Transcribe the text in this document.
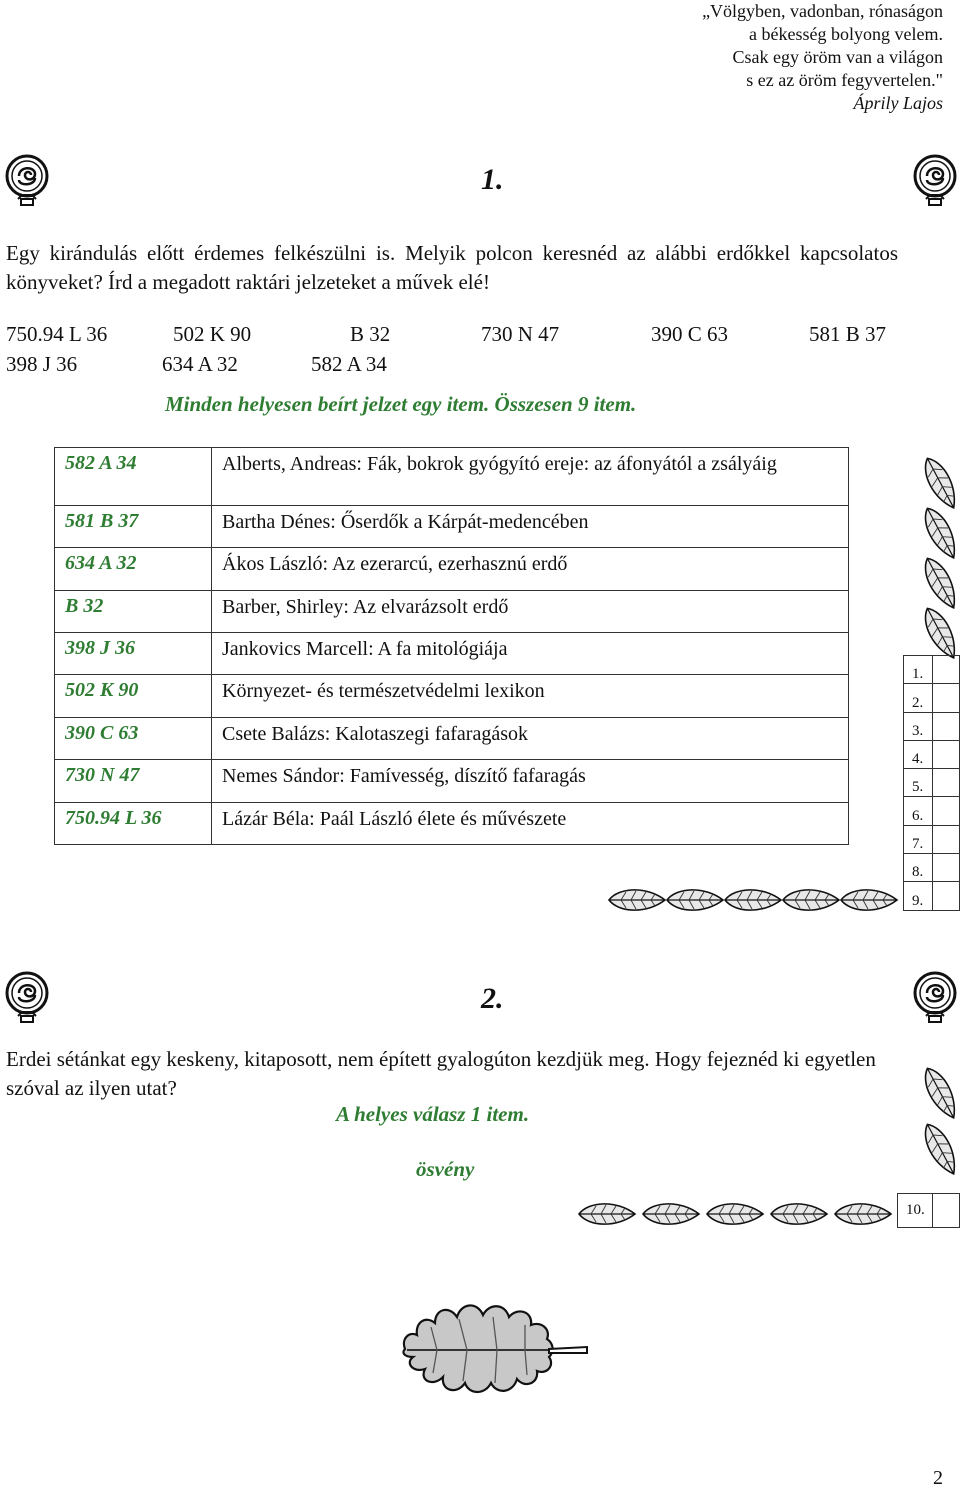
„Völgyben, vadonban, rónaságon
a békesség bolyong velem.
Csak egy öröm van a világon
s ez az öröm fegyvertelen."
Áprily Lajos
1.
Egy kirándulás előtt érdemes felkészülni is. Melyik polcon keresnéd az alábbi erdőkkel kapcsolatos könyveket? Írd a megadott raktári jelzeteket a művek elé!
750.94 L 36	502 K 90	B 32	730 N 47	390 C 63	581 B 37
398 J 36	634 A 32	582 A 34
Minden helyesen beírt jelzet egy item. Összesen 9 item.
582 A 34	Alberts, Andreas: Fák, bokrok gyógyító ereje: az áfonyától a zsályáig
581 B 37	Bartha Dénes: Őserdők a Kárpát-medencében
634 A 32	Ákos László: Az ezerarcú, ezerhasznú erdő
B 32	Barber, Shirley: Az elvarázsolt erdő
398 J 36	Jankovics Marcell: A fa mitológiája
502 K 90	Környezet- és természetvédelmi lexikon
390 C 63	Csete Balázs: Kalotaszegi fafaragások
730 N 47	Nemes Sándor: Famívesség, díszítő fafaragás
750.94 L 36	Lázár Béla: Paál László élete és művészete
1.	
2.	
3.	
4.	
5.	
6.	
7.	
8.	
9.	
2.
Erdei sétánkat egy keskeny, kitaposott, nem épített gyalogúton kezdjük meg. Hogy fejeznéd ki egyetlen szóval az ilyen utat?
A helyes válasz 1 item.
ösvény
10.	
2
